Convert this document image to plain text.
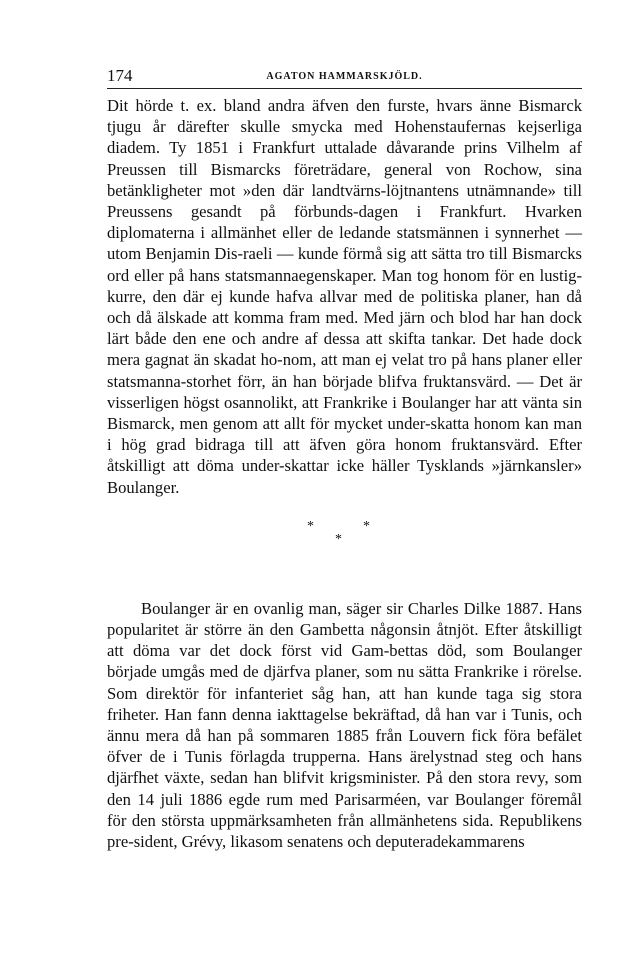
174	AGATON HAMMARSKJÖLD.

Dit hörde t. ex. bland andra äfven den furste, hvars änne Bismarck tjugu år därefter skulle smycka med Hohenstaufernas kejserliga diadem. Ty 1851 i Frankfurt uttalade dåvarande prins Vilhelm af Preussen till Bismarcks företrädare, general von Rochow, sina betänkligheter mot »den där landtvärns-löjtnantens utnämnande» till Preussens gesandt på förbunds-dagen i Frankfurt. Hvarken diplomaterna i allmänhet eller de ledande statsmännen i synnerhet — utom Benjamin Dis-raeli — kunde förmå sig att sätta tro till Bismarcks ord eller på hans statsmannaegenskaper. Man tog honom för en lustig-kurre, den där ej kunde hafva allvar med de politiska planer, han då och då älskade att komma fram med. Med järn och blod har han dock lärt både den ene och andre af dessa att skifta tankar. Det hade dock mera gagnat än skadat ho-nom, att man ej velat tro på hans planer eller statsmanna-storhet förr, än han började blifva fruktansvärd. — Det är visserligen högst osannolikt, att Frankrike i Boulanger har att vänta sin Bismarck, men genom att allt för mycket under-skatta honom kan man i hög grad bidraga till att äfven göra honom fruktansvärd. Efter åtskilligt att döma under-skattar icke häller Tysklands »järnkansler» Boulanger.

*
*
*

Boulanger är en ovanlig man, säger sir Charles Dilke 1887. Hans popularitet är större än den Gambetta någonsin åtnjöt. Efter åtskilligt att döma var det dock först vid Gam-bettas död, som Boulanger började umgås med de djärfva planer, som nu sätta Frankrike i rörelse. Som direktör för infanteriet såg han, att han kunde taga sig stora friheter. Han fann denna iakttagelse bekräftad, då han var i Tunis, och ännu mera då han på sommaren 1885 från Louvern fick föra befälet öfver de i Tunis förlagda trupperna. Hans ärelystnad steg och hans djärfhet växte, sedan han blifvit krigsminister. På den stora revy, som den 14 juli 1886 egde rum med Parisarméen, var Boulanger föremål för den största uppmärksamheten från allmänhetens sida. Republikens pre-sident, Grévy, likasom senatens och deputeradekammarens
